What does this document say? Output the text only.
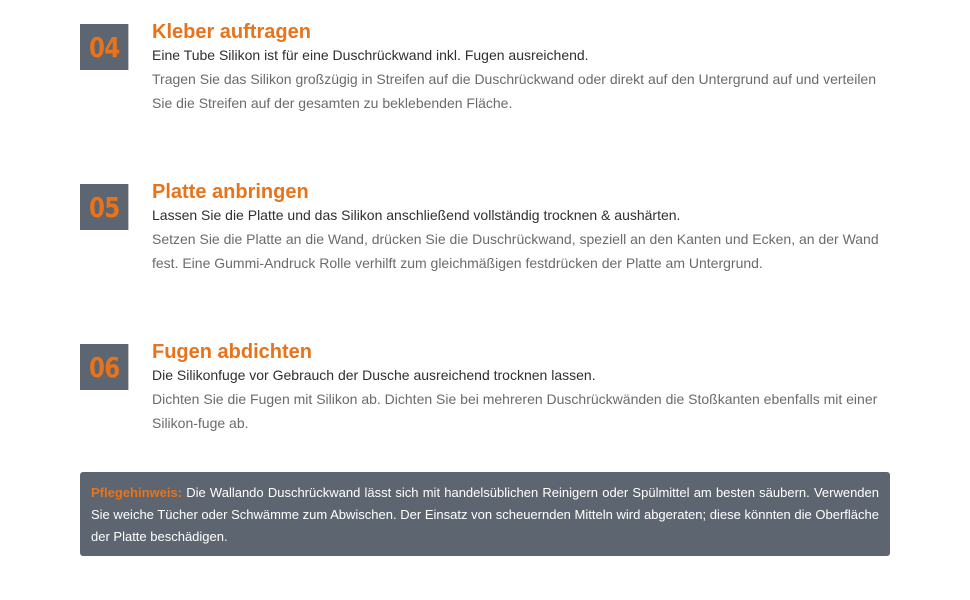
04	Kleber auftragen

Eine Tube Silikon ist für eine Duschrückwand inkl. Fugen ausreichend.

Tragen Sie das Silikon großzügig in Streifen auf die Duschrückwand oder direkt auf den Untergrund auf und verteilen Sie die Streifen auf der gesamten zu beklebenden Fläche.

05	Platte anbringen

Lassen Sie die Platte und das Silikon anschließend vollständig trocknen & aushärten.

Setzen Sie die Platte an die Wand, drücken Sie die Duschrückwand, speziell an den Kanten und Ecken, an der Wand fest. Eine Gummi-Andruck Rolle verhilft zum gleichmäßigen festdrücken der Platte am Untergrund.

06	Fugen abdichten

Die Silikonfuge vor Gebrauch der Dusche ausreichend trocknen lassen.

Dichten Sie die Fugen mit Silikon ab. Dichten Sie bei mehreren Duschrückwänden die Stoßkanten ebenfalls mit einer Silikon-fuge ab.

Pflegehinweis: Die Wallando Duschrückwand lässt sich mit handelsüblichen Reinigern oder Spülmittel am besten säubern. Verwenden Sie weiche Tücher oder Schwämme zum Abwischen. Der Einsatz von scheuernden Mitteln wird abgeraten; diese könnten die Oberfläche der Platte beschädigen.
